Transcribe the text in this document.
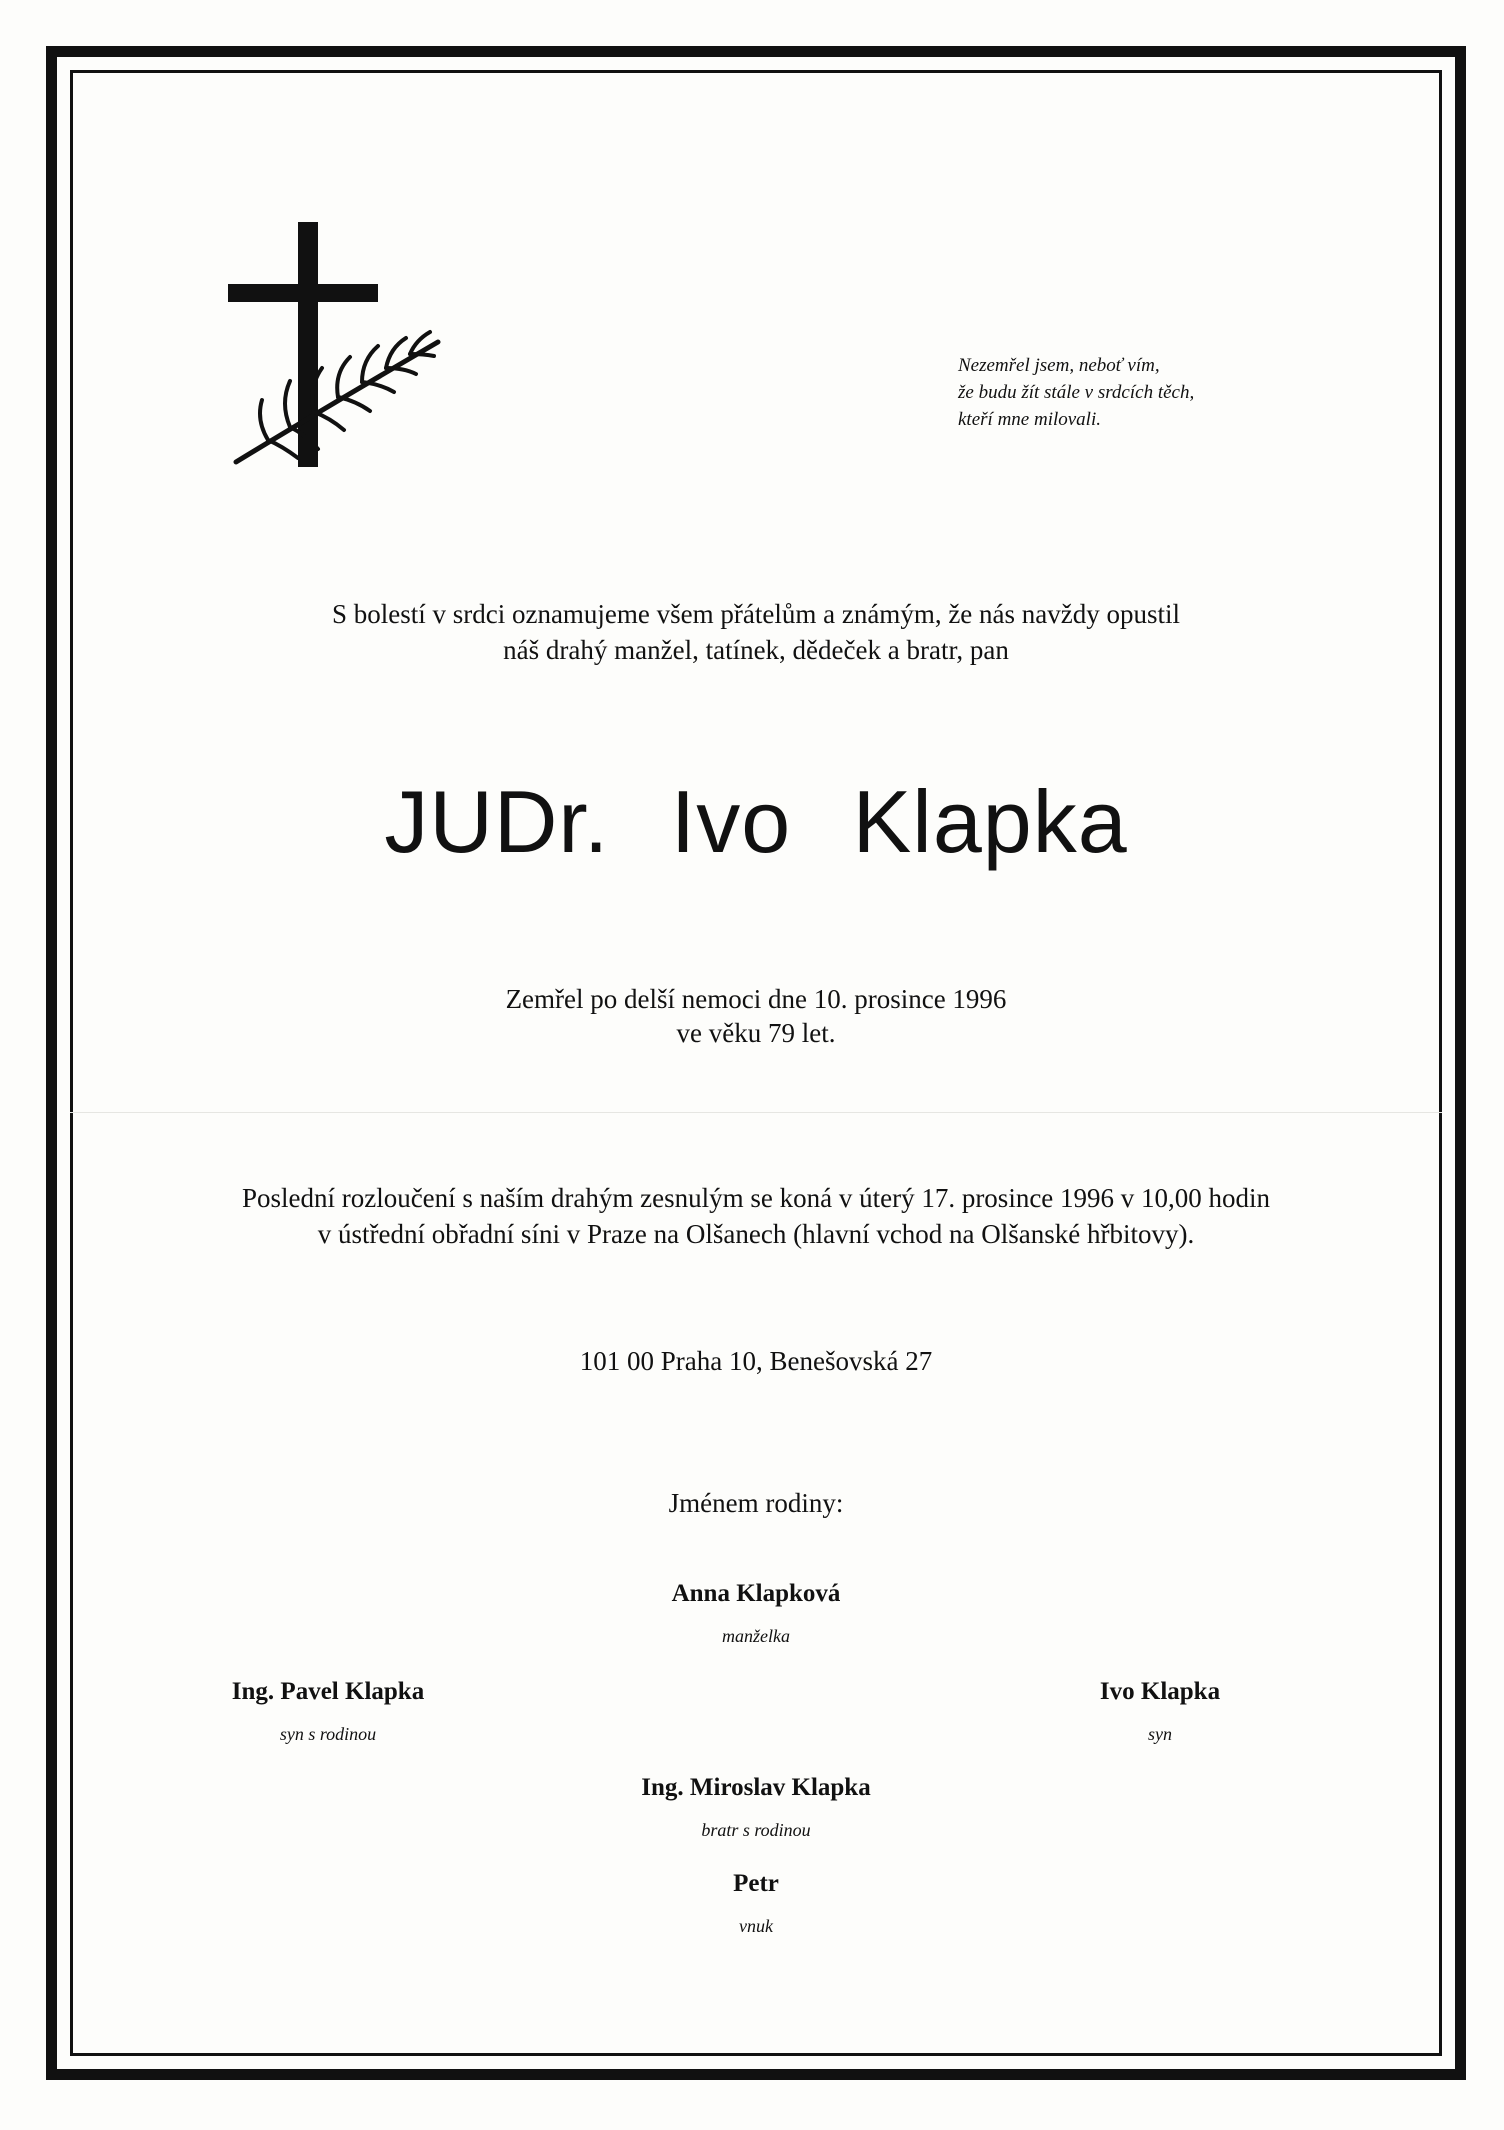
Nezemřel jsem, neboť vím,
že budu žít stále v srdcích těch,
kteří mne milovali.
S bolestí v srdci oznamujeme všem přátelům a známým, že nás navždy opustil
náš drahý manžel, tatínek, dědeček a bratr, pan
JUDr. Ivo Klapka
Zemřel po delší nemoci dne 10. prosince 1996
ve věku 79 let.
Poslední rozloučení s naším drahým zesnulým se koná v úterý 17. prosince 1996 v 10,00 hodin
v ústřední obřadní síni v Praze na Olšanech (hlavní vchod na Olšanské hřbitovy).
101 00 Praha 10, Benešovská 27
Jménem rodiny:
Anna Klapková
manželka
Ing. Pavel Klapka
syn s rodinou
Ivo Klapka
syn
Ing. Miroslav Klapka
bratr s rodinou
Petr
vnuk
